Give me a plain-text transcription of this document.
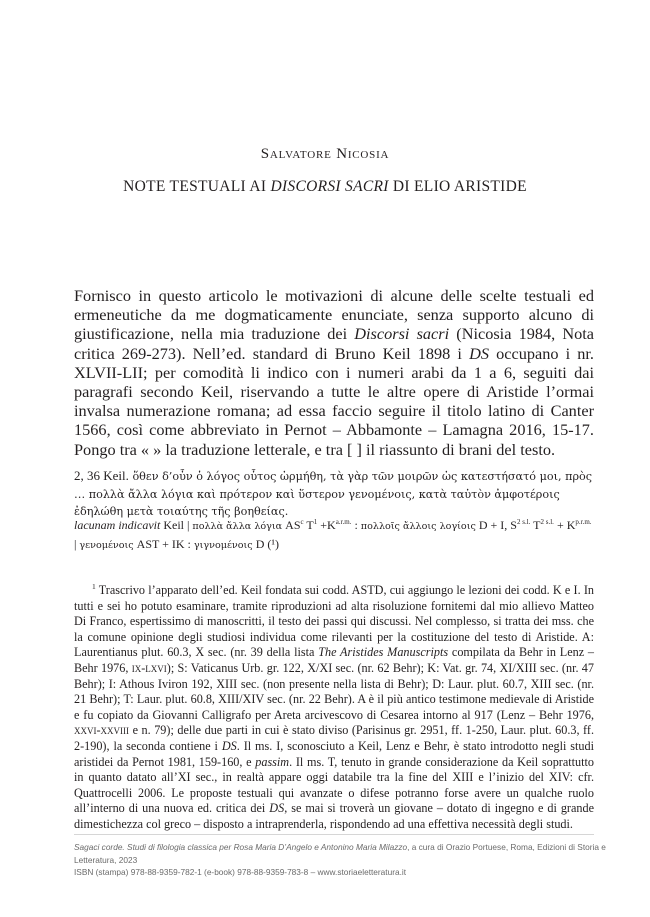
Salvatore Nicosia
NOTE TESTUALI AI DISCORSI SACRI DI ELIO ARISTIDE
Fornisco in questo articolo le motivazioni di alcune delle scelte testuali ed ermeneutiche da me dogmaticamente enunciate, senza supporto alcuno di giustificazione, nella mia traduzione dei Discorsi sacri (Nicosia 1984, Nota critica 269-273). Nell’ed. standard di Bruno Keil 1898 i DS occupano i nr. XLVII-LII; per comodità li indico con i numeri arabi da 1 a 6, seguiti dai paragrafi secondo Keil, riservando a tutte le altre opere di Aristide l’ormai invalsa numerazione romana; ad essa faccio seguire il titolo latino di Canter 1566, così come abbreviato in Pernot – Abbamonte – Lamagna 2016, 15-17. Pongo tra « » la traduzione letterale, e tra [ ] il riassunto di brani del testo.
2, 36 Keil. ὅθεν δ’οὖν ὁ λόγος οὗτος ὡρμήθη, τὰ γὰρ τῶν μοιρῶν ὡς κατεστήσατό μοι, πρὸς … πολλὰ ἄλλα λόγια καὶ πρότερον καὶ ὕστερον γενομένοις, κατὰ ταὐτὸν ἀμφοτέροις ἐδηλώθη μετὰ τοιαύτης τῆς βοηθείας.
lacunam indicavit Keil | πολλὰ ἄλλα λόγια $AS^c$ $T^1 +K^{a.r.m.}$ : πολλοῖς ἄλλοις λογίοις D + I, $S^{2 s.l.}$ $T^{2 s.l.} + K^{p.r.m.}$ | γενομένοις AST + IK : γιγνομένοις D (¹)
$^1$ Trascrivo l’apparato dell’ed. Keil fondata sui codd. ASTD, cui aggiungo le lezioni dei codd. K e I. In tutti e sei ho potuto esaminare, tramite riproduzioni ad alta risoluzione fornitemi dal mio allievo Matteo Di Franco, espertissimo di manoscritti, il testo dei passi qui discussi. Nel complesso, si tratta dei mss. che la comune opinione degli studiosi individua come rilevanti per la costituzione del testo di Aristide. A: Laurentianus plut. 60.3, X sec. (nr. 39 della lista The Aristides Manuscripts compilata da Behr in Lenz – Behr 1976, ix-lxvi); S: Vaticanus Urb. gr. 122, X/XI sec. (nr. 62 Behr); K: Vat. gr. 74, XI/XIII sec. (nr. 47 Behr); I: Athous Iviron 192, XIII sec. (non presente nella lista di Behr); D: Laur. plut. 60.7, XIII sec. (nr. 21 Behr); T: Laur. plut. 60.8, XIII/XIV sec. (nr. 22 Behr). A è il più antico testimone medievale di Aristide e fu copiato da Giovanni Calligrafo per Areta arcivescovo di Cesarea intorno al 917 (Lenz – Behr 1976, xxvi-xxviii e n. 79); delle due parti in cui è stato diviso (Parisinus gr. 2951, ff. 1-250, Laur. plut. 60.3, ff. 2-190), la seconda contiene i DS. Il ms. I, sconosciuto a Keil, Lenz e Behr, è stato introdotto negli studi aristidei da Pernot 1981, 159-160, e passim. Il ms. T, tenuto in grande considerazione da Keil soprattutto in quanto datato all’XI sec., in realtà appare oggi databile tra la fine del XIII e l’inizio del XIV: cfr. Quattrocelli 2006. Le proposte testuali qui avanzate o difese potranno forse avere un qualche ruolo all’interno di una nuova ed. critica dei DS, se mai si troverà un giovane – dotato di ingegno e di grande dimestichezza col greco – disposto a intraprenderla, rispondendo ad una effettiva necessità degli studi.
Sagaci corde. Studi di filologia classica per Rosa Maria D’Angelo e Antonino Maria Milazzo, a cura di Orazio Portuese, Roma, Edizioni di Storia e Letteratura, 2023
ISBN (stampa) 978-88-9359-782-1 (e-book) 978-88-9359-783-8 – www.storiaeletteratura.it
